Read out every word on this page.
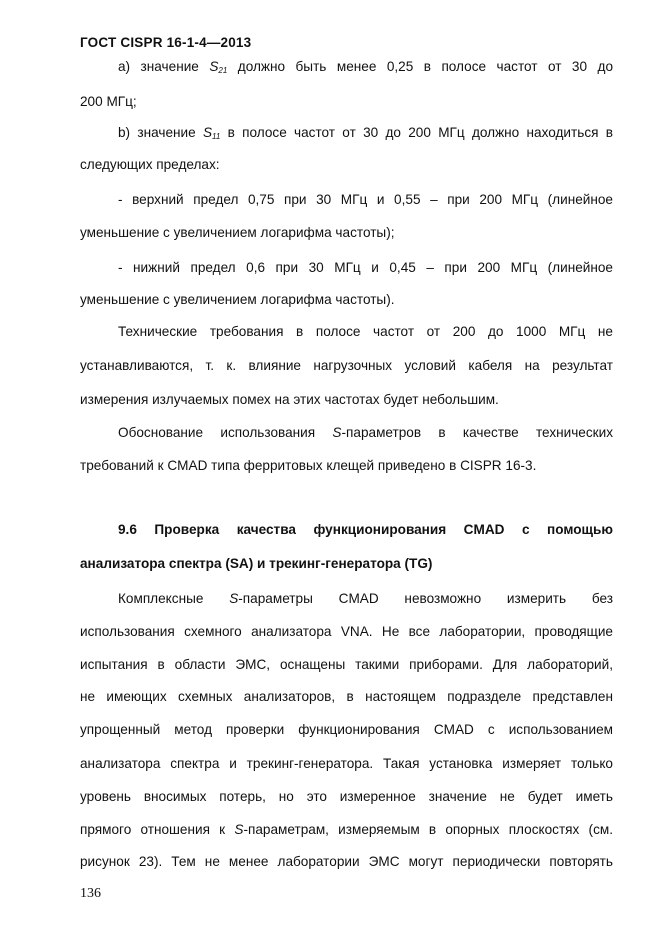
ГОСТ CISPR 16-1-4—2013
a) значение $S_{21}$ должно быть менее 0,25 в полосе частот от 30 до
200 МГц;
b) значение $S_{11}$ в полосе частот от 30 до 200 МГц должно находиться в
следующих пределах:
- верхний предел 0,75 при 30 МГц и 0,55 – при 200 МГц (линейное
уменьшение с увеличением логарифма частоты);
- нижний предел 0,6 при 30 МГц и 0,45 – при 200 МГц (линейное
уменьшение с увеличением логарифма частоты).
Технические требования в полосе частот от 200 до 1000 МГц не
устанавливаются, т. к. влияние нагрузочных условий кабеля на результат
измерения излучаемых помех на этих частотах будет небольшим.
Обоснование использования S-параметров в качестве технических
требований к CMAD типа ферритовых клещей приведено в CISPR 16-3.
9.6 Проверка качества функционирования CMAD с помощью
анализатора спектра (SA) и трекинг-генератора (TG)
Комплексные S-параметры CMAD невозможно измерить без
использования схемного анализатора VNA. Не все лаборатории, проводящие
испытания в области ЭМС, оснащены такими приборами. Для лабораторий,
не имеющих схемных анализаторов, в настоящем подразделе представлен
упрощенный метод проверки функционирования CMAD с использованием
анализатора спектра и трекинг-генератора. Такая установка измеряет только
уровень вносимых потерь, но это измеренное значение не будет иметь
прямого отношения к S-параметрам, измеряемым в опорных плоскостях (см.
рисунок 23). Тем не менее лаборатории ЭМС могут периодически повторять
136
